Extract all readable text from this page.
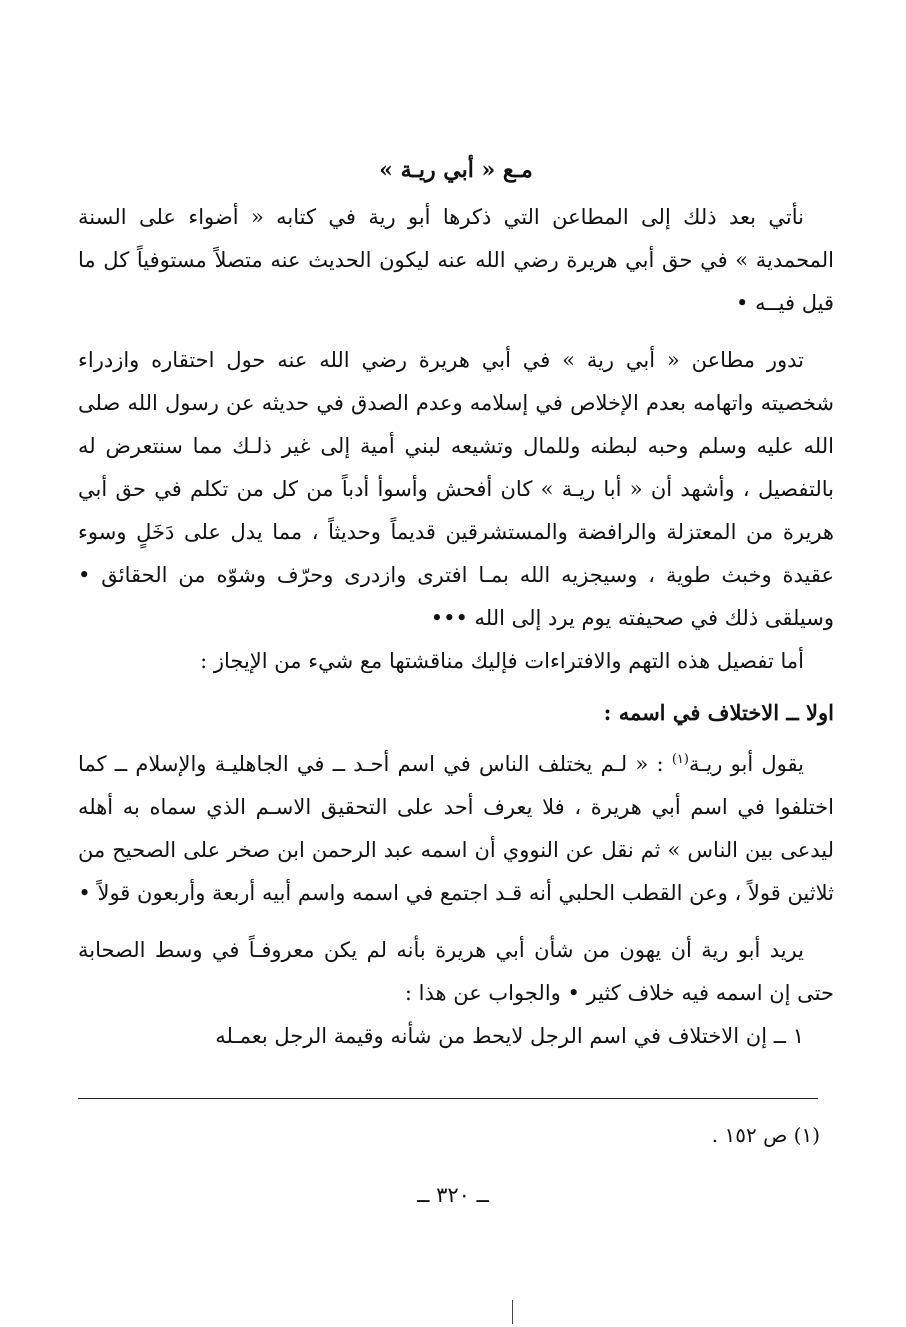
مـع « أبي ريـة »

نأتي بعد ذلك إلى المطاعن التي ذكرها أبو رية في كتابه « أضواء على السنة المحمدية » في حق أبي هريرة رضي الله عنه ليكون الحديث عنه متصلاً مستوفياً كل ما قيل فيــه •

تدور مطاعن « أبي رية » في أبي هريرة رضي الله عنه حول احتقاره وازدراء شخصيته واتهامه بعدم الإخلاص في إسلامه وعدم الصدق في حديثه عن رسول الله صلى الله عليه وسلم وحبه لبطنه وللمال وتشيعه لبني أمية إلى غير ذلـك مما سنتعرض له بالتفصيل ، وأشهد أن « أبا ريـة » كان أفحش وأسوأ أدباً من كل من تكلم في حق أبي هريرة من المعتزلة والرافضة والمستشرقين قديماً وحديثاً ، مما يدل على دَخَلٍ وسوء عقيدة وخبث طوية ، وسيجزيه الله بمـا افترى وازدرى وحرّف وشوّه من الحقائق • وسيلقى ذلك في صحيفته يوم يرد إلى الله •••

أما تفصيل هذه التهم والافتراءات فإليك مناقشتها مع شيء من الإيجاز :

اولا ــ الاختلاف في اسمه :

يقول أبو ريـة$^{(١)}$ : « لـم يختلف الناس في اسم أحـد ــ في الجاهليـة والإسلام ــ كما اختلفوا في اسم أبي هريرة ، فلا يعرف أحد على التحقيق الاسـم الذي سماه به أهله ليدعى بين الناس » ثم نقل عن النووي أن اسمه عبد الرحمن ابن صخر على الصحيح من ثلاثين قولاً ، وعن القطب الحلبي أنه قـد اجتمع في اسمه واسم أبيه أربعة وأربعون قولاً •

يريد أبو رية أن يهون من شأن أبي هريرة بأنه لم يكن معروفـاً في وسط الصحابة حتى إن اسمه فيه خلاف كثير • والجواب عن هذا :

١ ــ إن الاختلاف في اسم الرجل لايحط من شأنه وقيمة الرجل بعمـله

(١) ص ١٥٢ .
ــ ٣٢٠ ــ
